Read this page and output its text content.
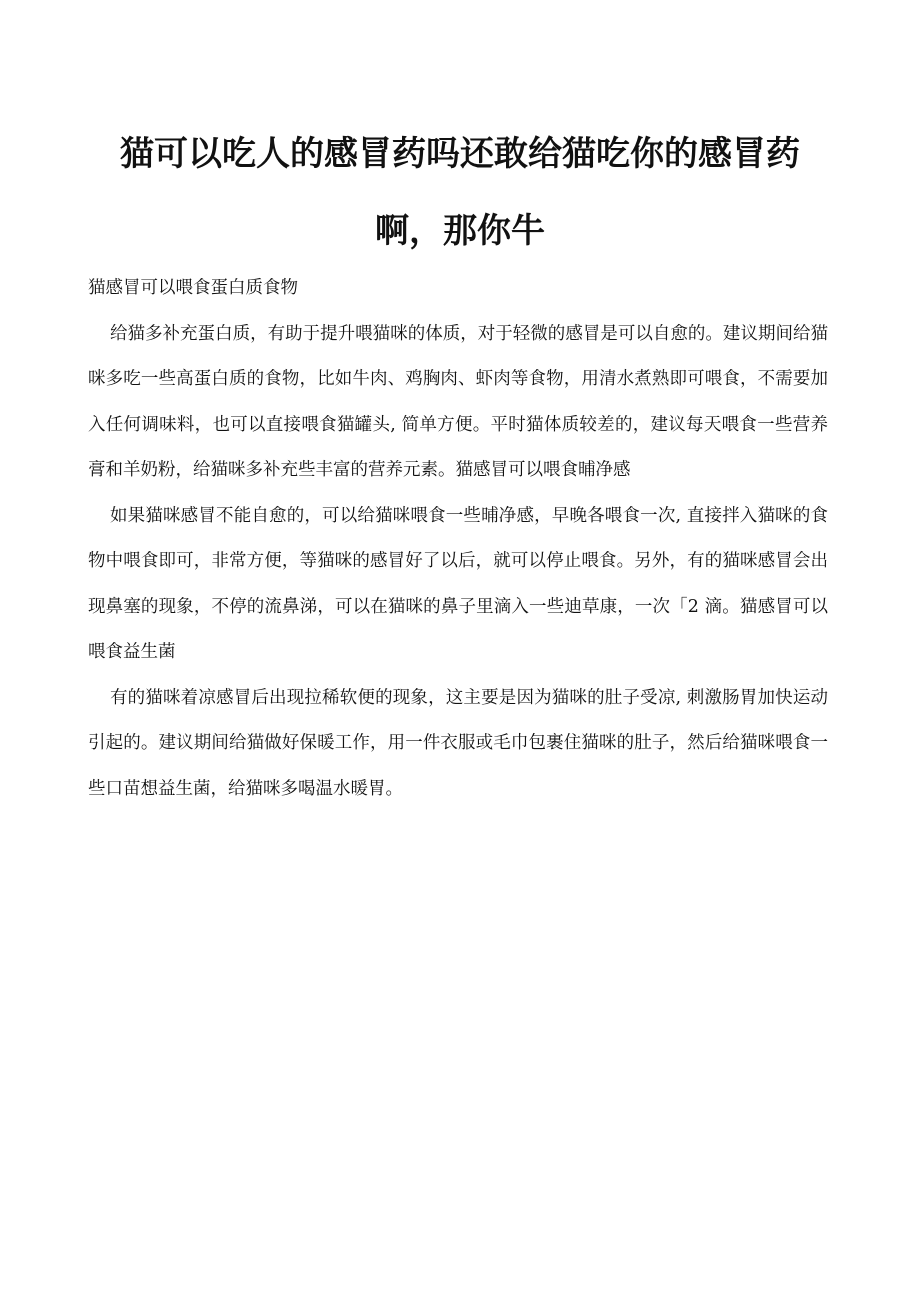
猫可以吃人的感冒药吗还敢给猫吃你的感冒药
啊，那你牛

猫感冒可以喂食蛋白质食物

给猫多补充蛋白质，有助于提升喂猫咪的体质，对于轻微的感冒是可以自愈的。建议期间给猫咪多吃一些高蛋白质的食物，比如牛肉、鸡胸肉、虾肉等食物，用清水煮熟即可喂食，不需要加入任何调味料，也可以直接喂食猫罐头, 简单方便。平时猫体质较差的，建议每天喂食一些营养膏和羊奶粉，给猫咪多补充些丰富的营养元素。猫感冒可以喂食晡净感

如果猫咪感冒不能自愈的，可以给猫咪喂食一些晡净感，早晚各喂食一次, 直接拌入猫咪的食物中喂食即可，非常方便，等猫咪的感冒好了以后，就可以停止喂食。另外，有的猫咪感冒会出现鼻塞的现象，不停的流鼻涕，可以在猫咪的鼻子里滴入一些迪草康，一次「2 滴。猫感冒可以喂食益生菌

有的猫咪着凉感冒后出现拉稀软便的现象，这主要是因为猫咪的肚子受凉, 刺激肠胃加快运动引起的。建议期间给猫做好保暖工作，用一件衣服或毛巾包裹住猫咪的肚子，然后给猫咪喂食一些口苗想益生菌，给猫咪多喝温水暖胃。
